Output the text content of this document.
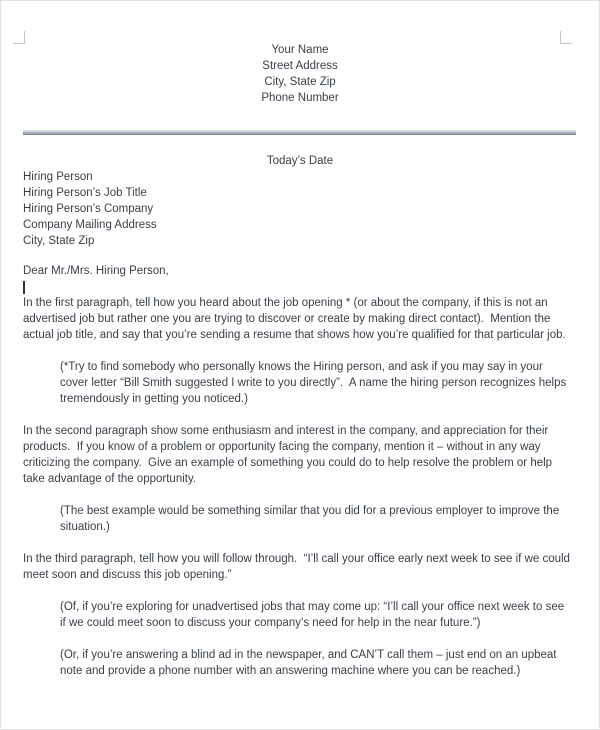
Your Name
Street Address
City, State Zip
Phone Number
Today’s Date
Hiring Person
Hiring Person’s Job Title
Hiring Person’s Company
Company Mailing Address
City, State Zip
Dear Mr./Mrs. Hiring Person,

In the first paragraph, tell how you heard about the job opening * (or about the company, if this is not an advertised job but rather one you are trying to discover or create by making direct contact).  Mention the actual job title, and say that you’re sending a resume that shows how you’re qualified for that particular job.

(*Try to find somebody who personally knows the Hiring person, and ask if you may say in your cover letter “Bill Smith suggested I write to you directly”.  A name the hiring person recognizes helps tremendously in getting you noticed.)

In the second paragraph show some enthusiasm and interest in the company, and appreciation for their products.  If you know of a problem or opportunity facing the company, mention it – without in any way criticizing the company.  Give an example of something you could do to help resolve the problem or help take advantage of the opportunity.

(The best example would be something similar that you did for a previous employer to improve the situation.)

In the third paragraph, tell how you will follow through.  “I’ll call your office early next week to see if we could meet soon and discuss this job opening.”

(Of, if you’re exploring for unadvertised jobs that may come up: “I’ll call your office next week to see if we could meet soon to discuss your company’s need for help in the near future.”)

(Or, if you’re answering a blind ad in the newspaper, and CAN’T call them – just end on an upbeat note and provide a phone number with an answering machine where you can be reached.)
